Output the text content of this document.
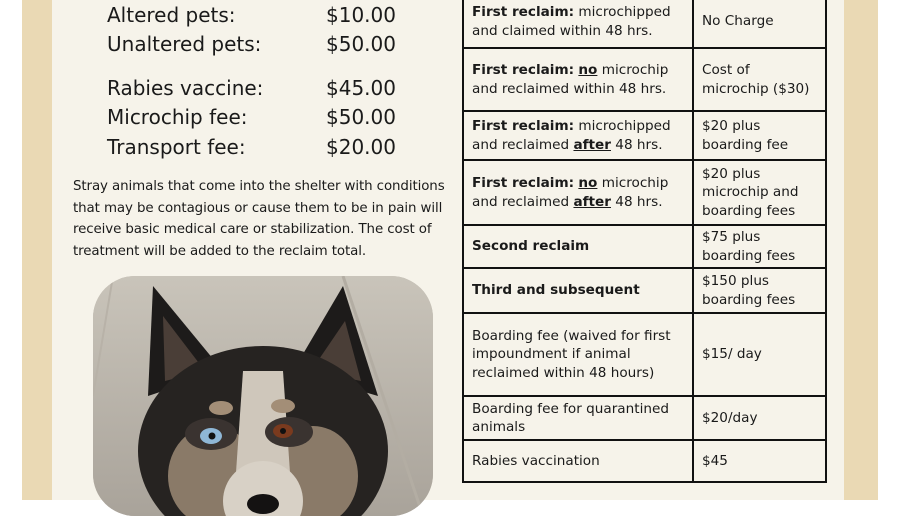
Altered pets:	$10.00
Unaltered pets:	$50.00
Rabies vaccine:	$45.00
Microchip fee:	$50.00
Transport fee:	$20.00

Stray animals that come into the shelter with conditions that may be contagious or cause them to be in pain will receive basic medical care or stabilization. The cost of treatment will be added to the reclaim total.

First reclaim: microchipped
and claimed within 48 hrs.	No Charge
First reclaim: no microchip
and reclaimed within 48 hrs.	Cost of microchip ($30)
First reclaim: microchipped
and reclaimed after 48 hrs.	$20 plus boarding fee
First reclaim: no microchip
and reclaimed after 48 hrs.	$20 plus microchip and boarding fees
Second reclaim	$75 plus boarding fees
Third and subsequent	$150 plus boarding fees
Boarding fee (waived for first impoundment if animal reclaimed within 48 hours)	$15/ day
Boarding fee for quarantined animals	$20/day
Rabies vaccination	$45
